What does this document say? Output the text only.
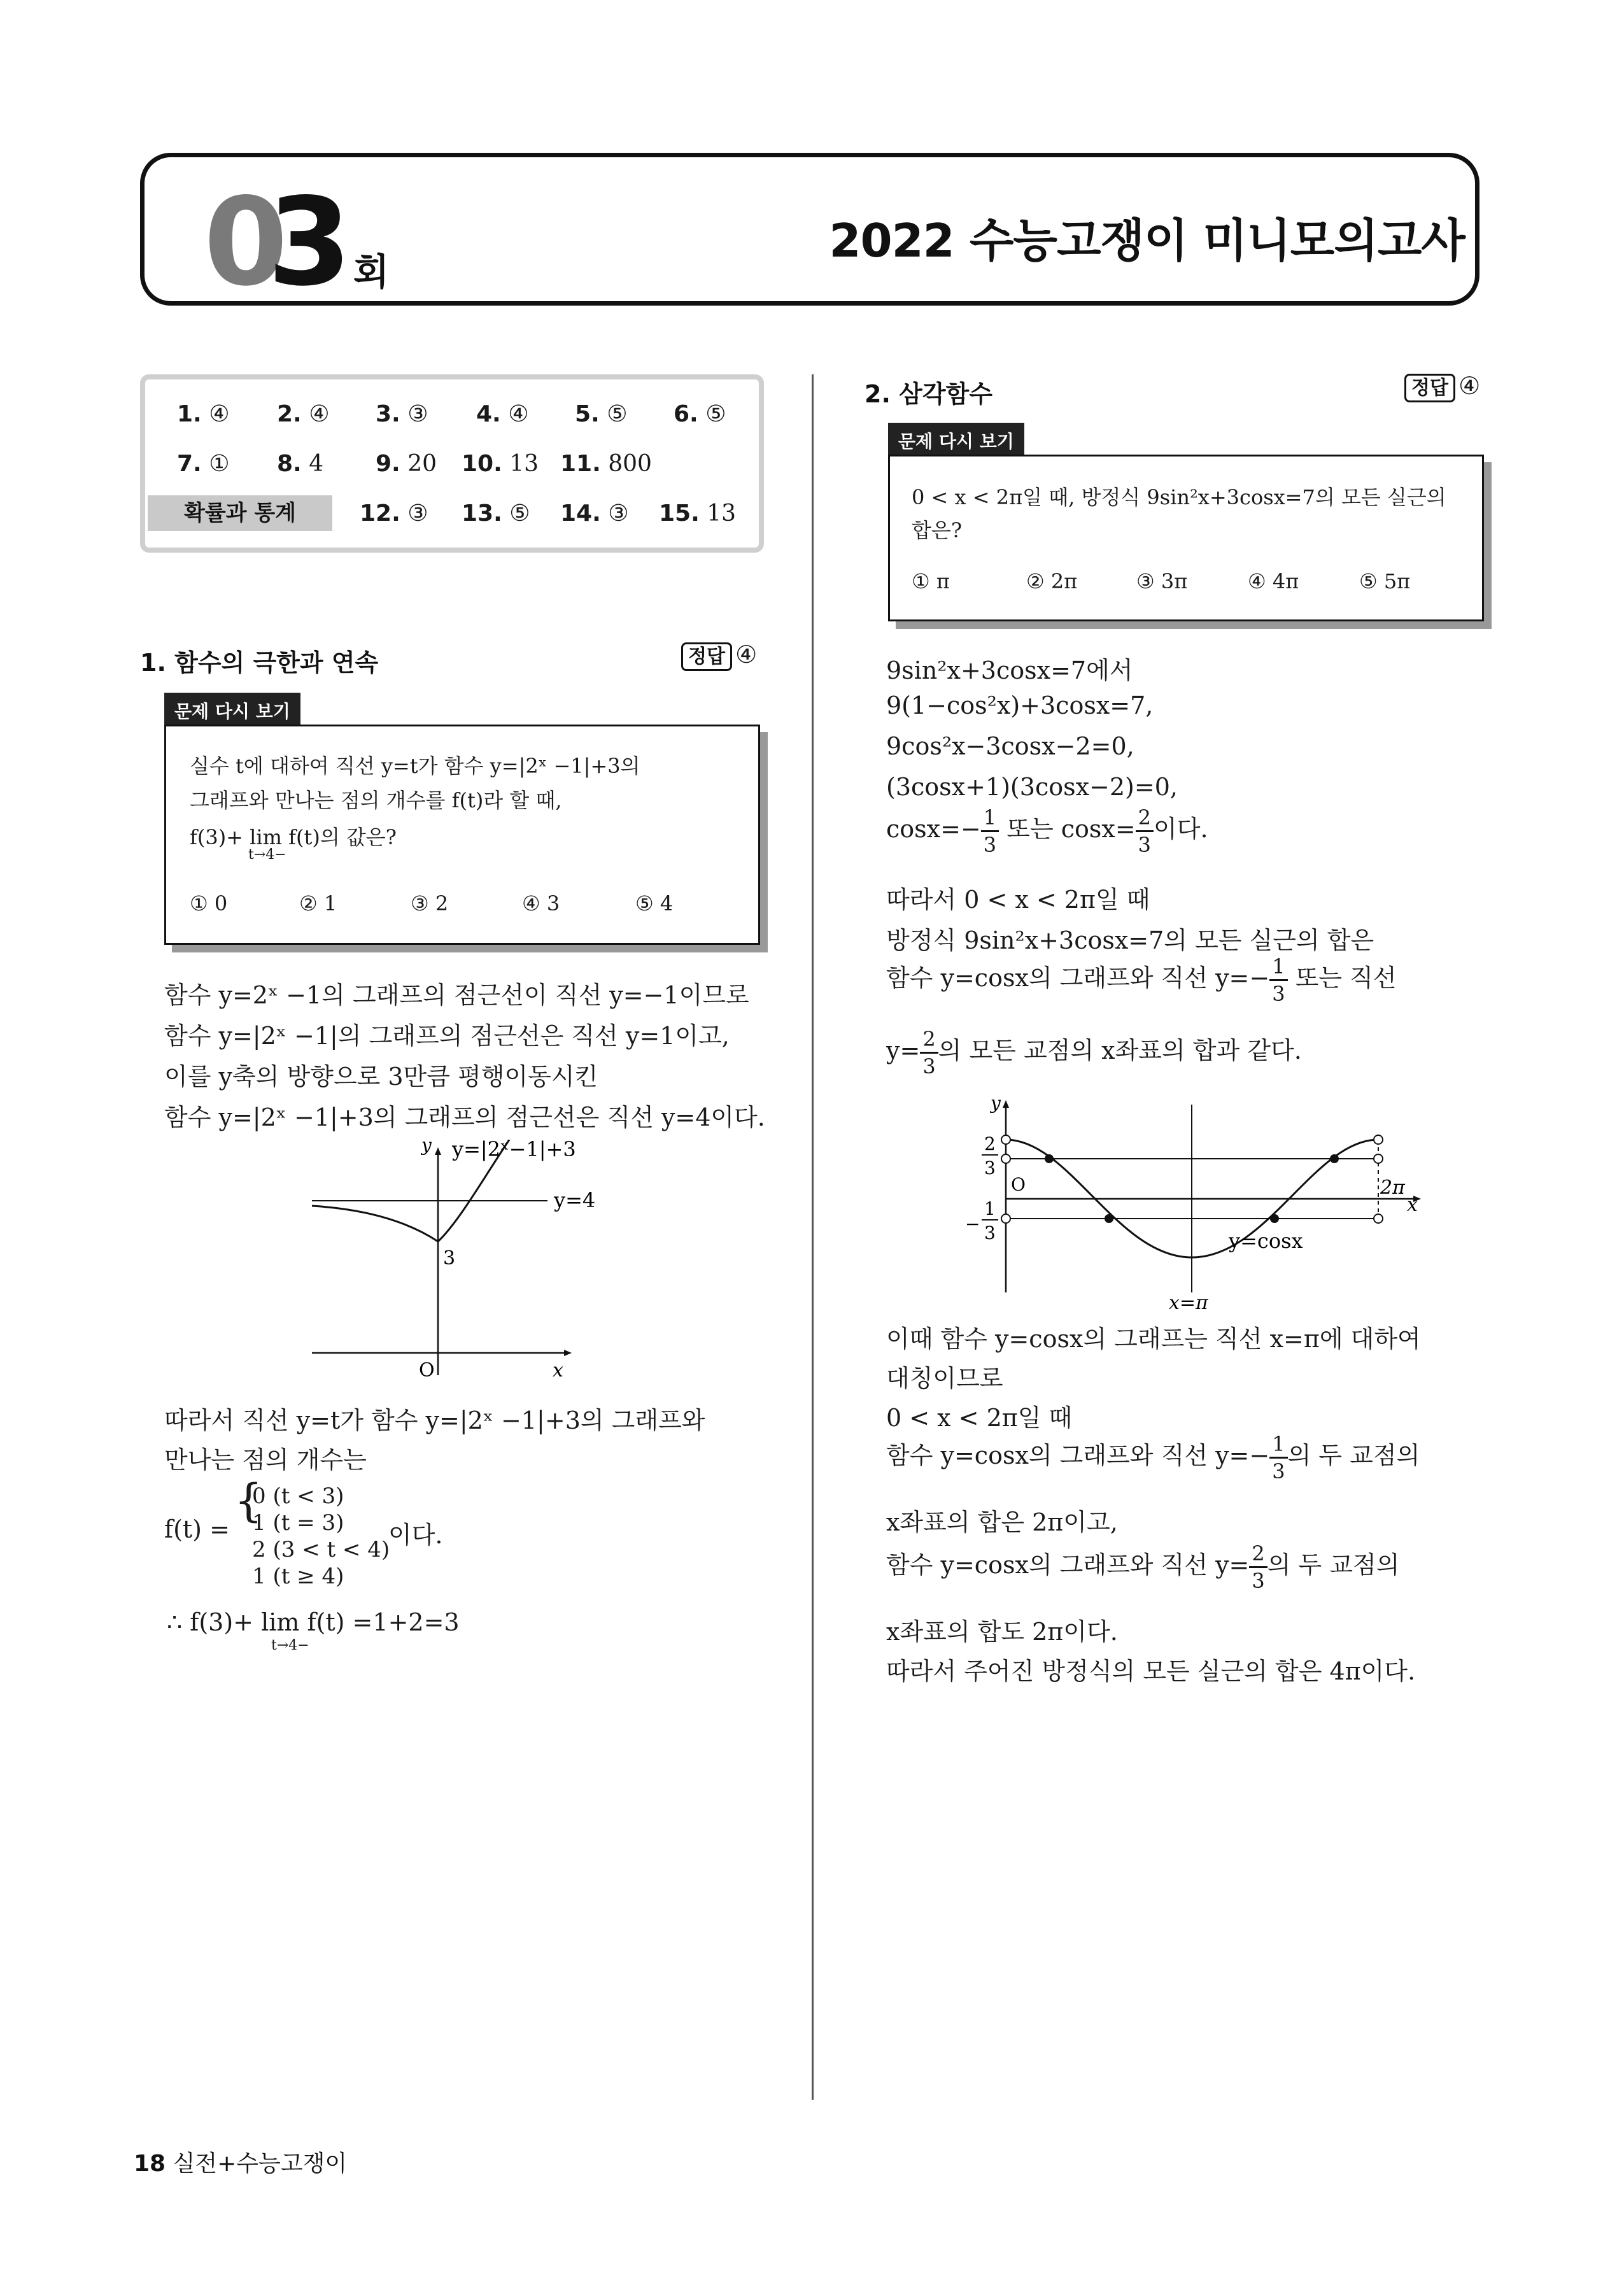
0
3 회
2022 수능고쟁이 미니모의고사
확률과 통계
1. ④ 2. ④ 3. ③ 4. ④ 5. ⑤ 6. ⑤
7. ① 8. 4 9. 20 10. 13 11. 800
12. ③ 13. ⑤ 14. ③ 15. 13
1. 함수의 극한과 연속	정답 ④
문제 다시 보기
실수 t에 대하여 직선 y=t가 함수 y=|2ˣ −1|+3의
그래프와 만나는 점의 개수를 f(t)라 할 때,
f(3)+ lim f(t)의 값은?
t→4−
① 0	② 1	③ 2	④ 3	⑤ 4
함수 y=2ˣ −1의 그래프의 점근선이 직선 y=−1이므로
함수 y=|2ˣ −1|의 그래프의 점근선은 직선 y=1이고,
이를 y축의 방향으로 3만큼 평행이동시킨
함수 y=|2ˣ −1|+3의 그래프의 점근선은 직선 y=4이다.
y y=|2ˣ−1|+3
y=4
3
O	x
따라서 직선 y=t가 함수 y=|2ˣ −1|+3의 그래프와
만나는 점의 개수는
f(t) =
{
0 (t < 3)
1 (t = 3)
2 (3 < t < 4)
1 (t ≥ 4)
이다.
∴ f(3)+ lim f(t) =1+2=3
t→4−
2. 삼각함수	정답 ④
문제 다시 보기
0 < x < 2π일 때, 방정식 9sin²x+3cosx=7의 모든 실근의
합은?
① π	② 2π	③ 3π	④ 4π	⑤ 5π
9sin²x+3cosx=7에서
9(1−cos²x)+3cosx=7,
9cos²x−3cosx−2=0,
(3cosx+1)(3cosx−2)=0,
$\cos x=- \frac{1}{3}$ 또는 $\cos x= \frac{2}{3}$ 이다.
따라서 0 < x < 2π일 때
방정식 9sin²x+3cosx=7의 모든 실근의 합은
함수 y=cosx의 그래프와 직선 $y=- \frac{1}{3}$ 또는 직선
$y= \frac{2}{3}$ 의 모든 교점의 x좌표의 합과 같다.
y
2
3
O
−
1
3
2π
x
y=cosx
x=π
이때 함수 y=cosx의 그래프는 직선 x=π에 대하여
대칭이므로
0 < x < 2π일 때
함수 y=cosx의 그래프와 직선 $y=- \frac{1}{3}$ 의 두 교점의
x좌표의 합은 2π이고,
함수 y=cosx의 그래프와 직선 $y= \frac{2}{3}$ 의 두 교점의
x좌표의 합도 2π이다.
따라서 주어진 방정식의 모든 실근의 합은 4π이다.
18 실전+수능고쟁이
